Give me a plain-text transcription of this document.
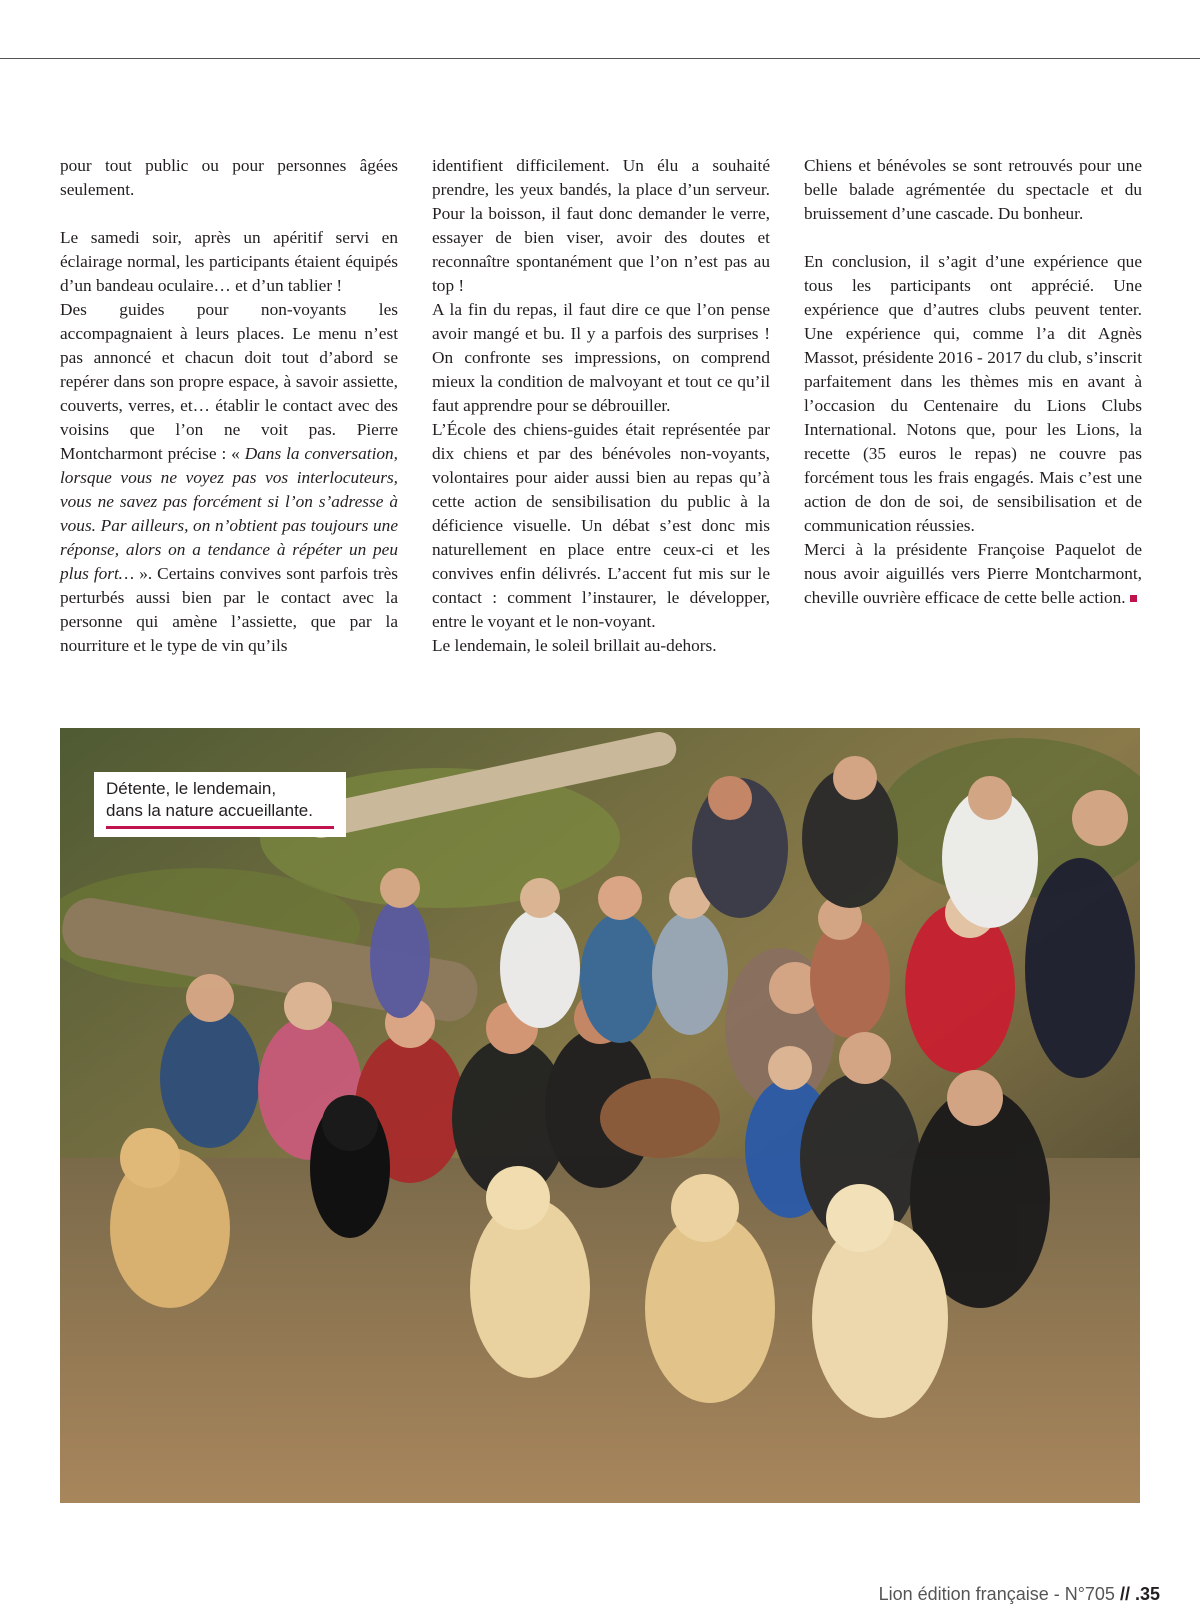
pour tout public ou pour personnes âgées seulement.

Le samedi soir, après un apéritif servi en éclairage normal, les participants étaient équipés d’un bandeau oculaire… et d’un tablier !

Des guides pour non-voyants les accompagnaient à leurs places. Le menu n’est pas annoncé et chacun doit tout d’abord se repérer dans son propre espace, à savoir assiette, couverts, verres, et… établir le contact avec des voisins que l’on ne voit pas. Pierre Montcharmont précise : « Dans la conversation, lorsque vous ne voyez pas vos interlocuteurs, vous ne savez pas forcément si l’on s’adresse à vous. Par ailleurs, on n’obtient pas toujours une réponse, alors on a tendance à répéter un peu plus fort… ». Certains convives sont parfois très perturbés aussi bien par le contact avec la personne qui amène l’assiette, que par la nourriture et le type de vin qu’ils

identifient difficilement. Un élu a souhaité prendre, les yeux bandés, la place d’un serveur. Pour la boisson, il faut donc demander le verre, essayer de bien viser, avoir des doutes et reconnaître spontanément que l’on n’est pas au top !

A la fin du repas, il faut dire ce que l’on pense avoir mangé et bu. Il y a parfois des surprises ! On confronte ses impressions, on comprend mieux la condition de malvoyant et tout ce qu’il faut apprendre pour se débrouiller.

L’École des chiens-guides était représentée par dix chiens et par des bénévoles non-voyants, volontaires pour aider aussi bien au repas qu’à cette action de sensibilisation du public à la déficience visuelle. Un débat s’est donc mis naturellement en place entre ceux-ci et les convives enfin délivrés. L’accent fut mis sur le contact : comment l’instaurer, le développer, entre le voyant et le non-voyant.

Le lendemain, le soleil brillait au-dehors.

Chiens et bénévoles se sont retrouvés pour une belle balade agrémentée du spectacle et du bruissement d’une cascade. Du bonheur.

En conclusion, il s’agit d’une expérience que tous les participants ont apprécié. Une expérience que d’autres clubs peuvent tenter. Une expérience qui, comme l’a dit Agnès Massot, présidente 2016 - 2017 du club, s’inscrit parfaitement dans les thèmes mis en avant à l’occasion du Centenaire du Lions Clubs International. Notons que, pour les Lions, la recette (35 euros le repas) ne couvre pas forcément tous les frais engagés. Mais c’est une action de don de soi, de sensibilisation et de communication réussies.

Merci à la présidente Françoise Paquelot de nous avoir aiguillés vers Pierre Montcharmont, cheville ouvrière efficace de cette belle action.

Détente, le lendemain,
dans la nature accueillante.
Lion édition française - N°705 // .35
